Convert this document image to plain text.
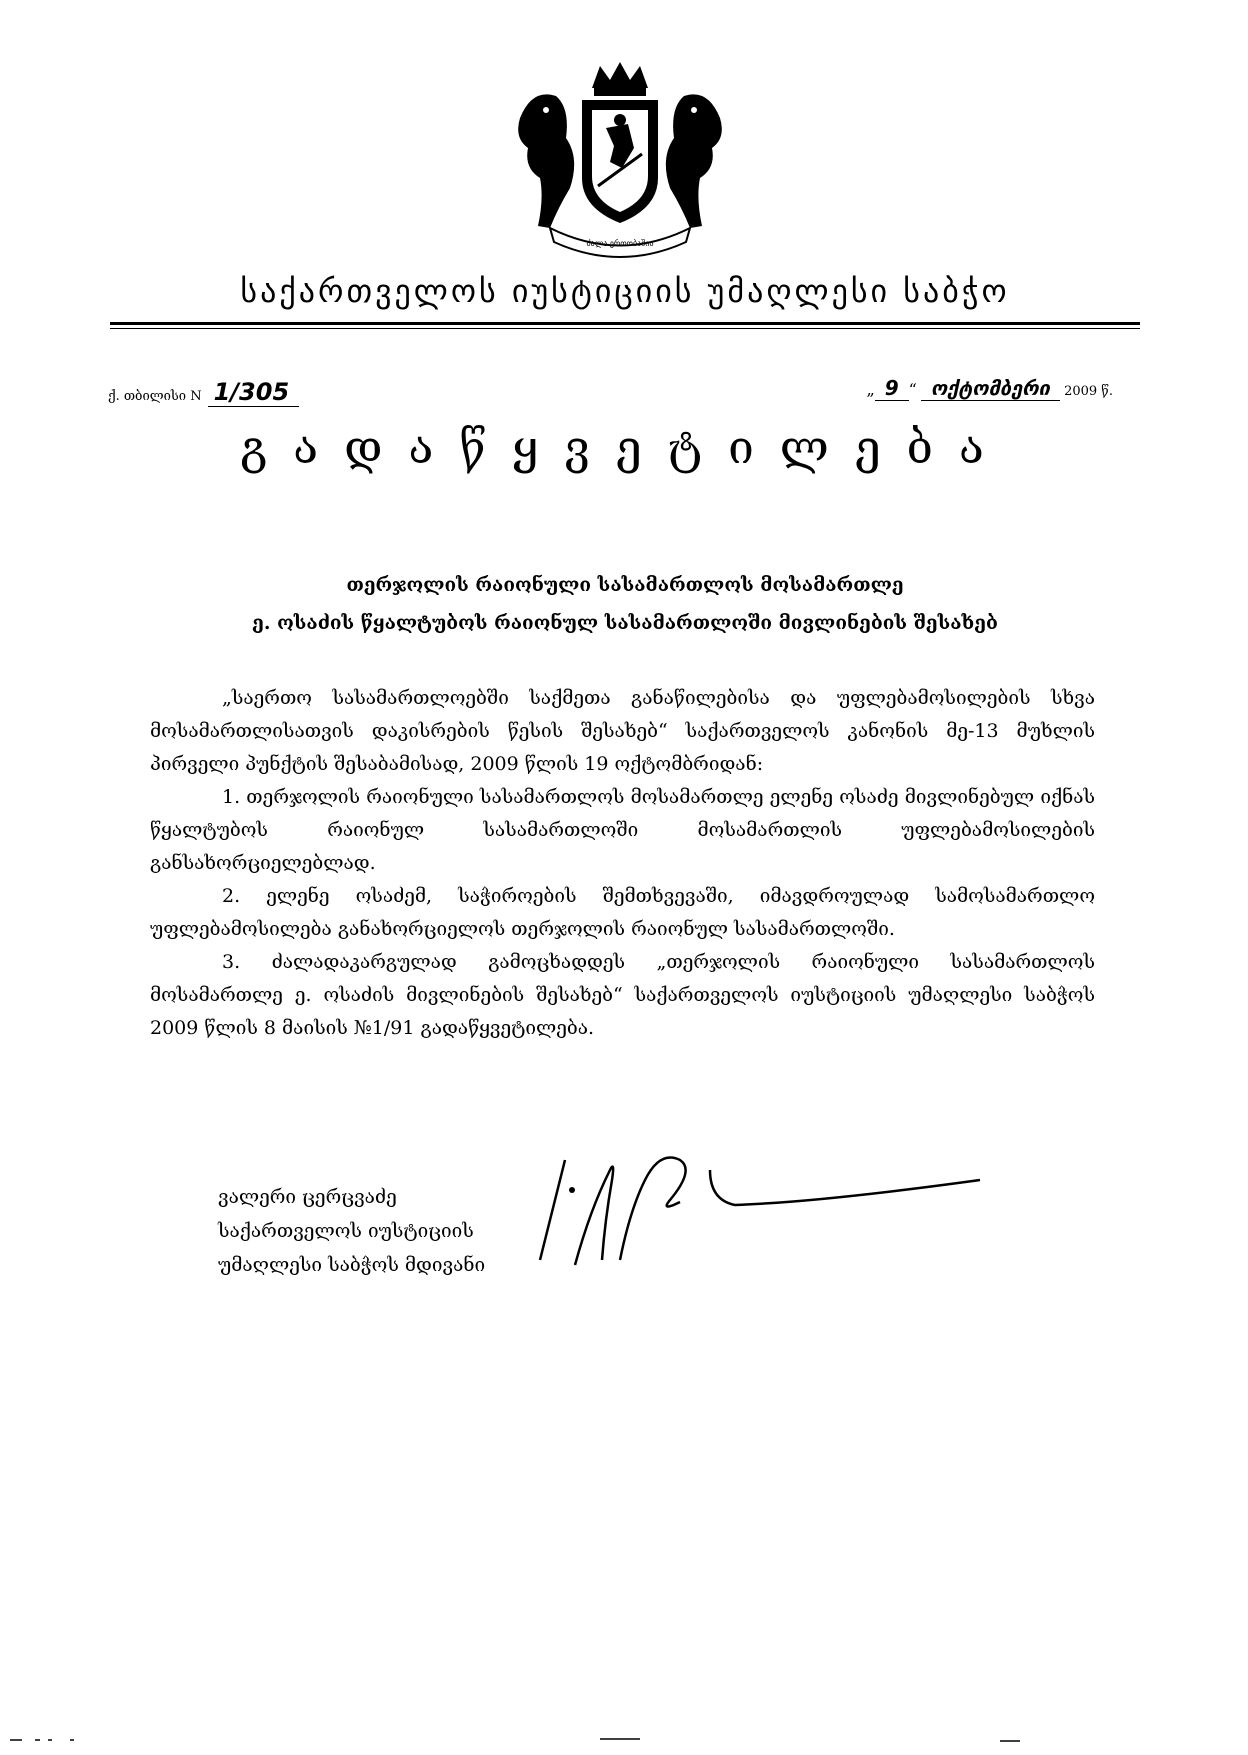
ძალა ერთობაშია
საქართველოს იუსტიციის უმაღლესი საბჭო
ქ. თბილისი N 1/305	„ 9 “ ოქტომბერი 2009 წ.
გადაწყვეტილება
თერჯოლის რაიონული სასამართლოს მოსამართლე
ე. ოსაძის წყალტუბოს რაიონულ სასამართლოში მივლინების შესახებ

„საერთო სასამართლოებში საქმეთა განაწილებისა და უფლებამოსილების სხვა მოსამართლისათვის დაკისრების წესის შესახებ“ საქართველოს კანონის მე-13 მუხლის პირველი პუნქტის შესაბამისად, 2009 წლის 19 ოქტომბრიდან:

1. თერჯოლის რაიონული სასამართლოს მოსამართლე ელენე ოსაძე მივლინებულ იქნას წყალტუბოს რაიონულ სასამართლოში მოსამართლის უფლებამოსილების განსახორციელებლად.

2. ელენე ოსაძემ, საჭიროების შემთხვევაში, იმავდროულად სამოსამართლო უფლებამოსილება განახორციელოს თერჯოლის რაიონულ სასამართლოში.

3. ძალადაკარგულად გამოცხადდეს „თერჯოლის რაიონული სასამართლოს მოსამართლე ე. ოსაძის მივლინების შესახებ“ საქართველოს იუსტიციის უმაღლესი საბჭოს 2009 წლის 8 მაისის №1/91 გადაწყვეტილება.

ვალერი ცერცვაძე
საქართველოს იუსტიციის
უმაღლესი საბჭოს მდივანი
